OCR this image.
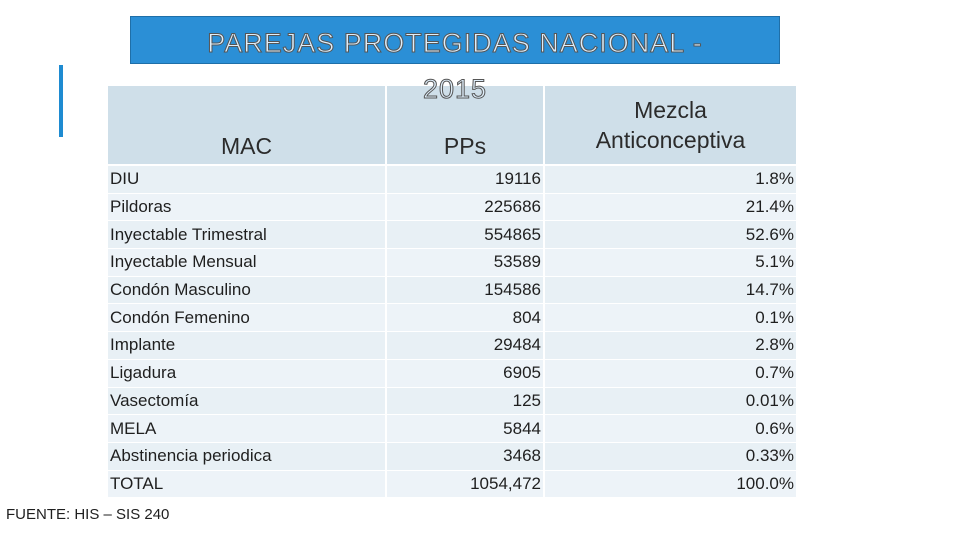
PAREJAS PROTEGIDAS NACIONAL -
2015
MAC	PPs	Mezcla
Anticonceptiva
DIU	19116	1.8%
Pildoras	225686	21.4%
Inyectable Trimestral	554865	52.6%
Inyectable Mensual	53589	5.1%
Condón Masculino	154586	14.7%
Condón Femenino	804	0.1%
Implante	29484	2.8%
Ligadura	6905	0.7%
Vasectomía	125	0.01%
MELA	5844	0.6%
Abstinencia periodica	3468	0.33%
TOTAL	1054,472	100.0%
FUENTE: HIS – SIS 240
